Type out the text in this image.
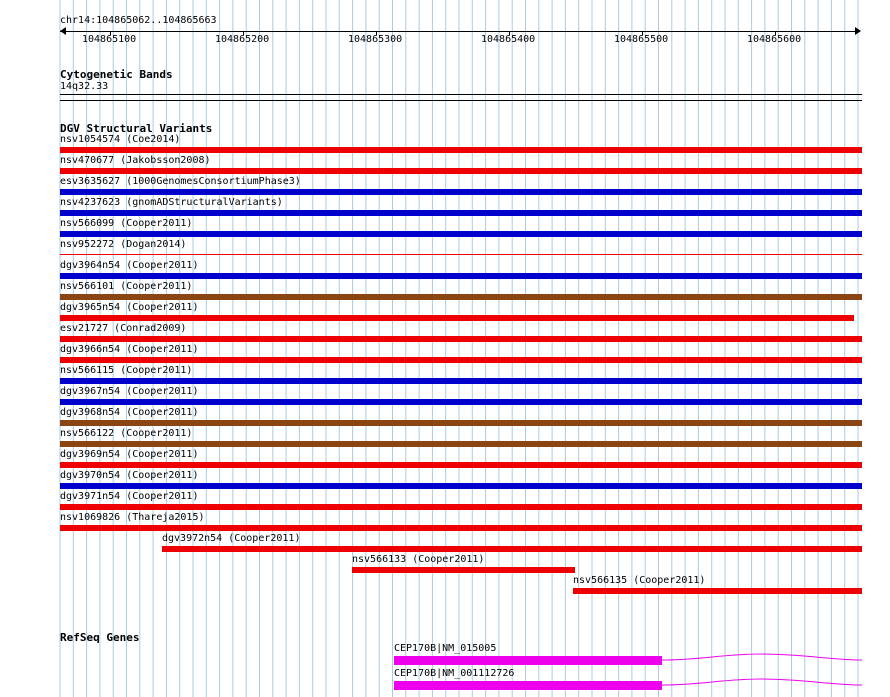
chr14:104865062..104865663
104865100	104865200	104865300	104865400	104865500	104865600
Cytogenetic Bands
14q32.33
DGV Structural Variants
nsv1054574 (Coe2014)
nsv470677 (Jakobsson2008)
esv3635627 (1000GenomesConsortiumPhase3)
nsv4237623 (gnomADStructuralVariants)
nsv566099 (Cooper2011)
nsv952272 (Dogan2014)
dgv3964n54 (Cooper2011)
nsv566101 (Cooper2011)
dgv3965n54 (Cooper2011)
esv21727 (Conrad2009)
dgv3966n54 (Cooper2011)
nsv566115 (Cooper2011)
dgv3967n54 (Cooper2011)
dgv3968n54 (Cooper2011)
nsv566122 (Cooper2011)
dgv3969n54 (Cooper2011)
dgv3970n54 (Cooper2011)
dgv3971n54 (Cooper2011)
nsv1069826 (Thareja2015)
dgv3972n54 (Cooper2011)
nsv566133 (Cooper2011)
nsv566135 (Cooper2011)
RefSeq Genes
CEP170B|NM_015005
CEP170B|NM_001112726
